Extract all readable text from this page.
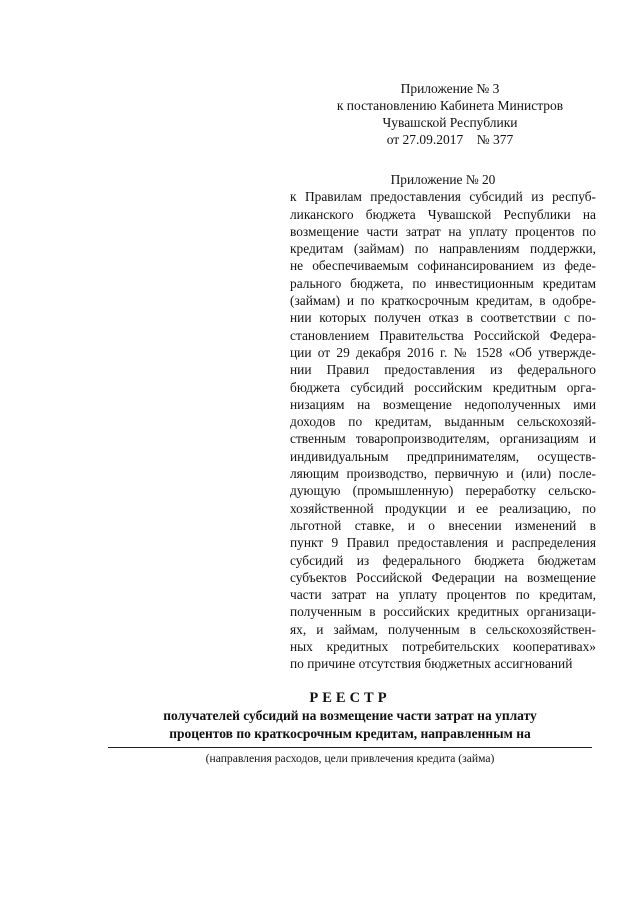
Приложение № 3
к постановлению Кабинета Министров
Чувашской Республики
от 27.09.2017    № 377
Приложение № 20
к Правилам предоставления субсидий из респуб-
ликанского бюджета Чувашской Республики на
возмещение части затрат на уплату процентов по
кредитам (займам) по направлениям поддержки,
не обеспечиваемым софинансированием из феде-
рального бюджета, по инвестиционным кредитам
(займам) и по краткосрочным кредитам, в одобре-
нии которых получен отказ в соответствии с по-
становлением Правительства Российской Федера-
ции от 29 декабря 2016 г. № 1528 «Об утвержде-
нии Правил предоставления из федерального
бюджета субсидий российским кредитным орга-
низациям на возмещение недополученных ими
доходов по кредитам, выданным сельскохозяй-
ственным товаропроизводителям, организациям и
индивидуальным предпринимателям, осуществ-
ляющим производство, первичную и (или) после-
дующую (промышленную) переработку сельско-
хозяйственной продукции и ее реализацию, по
льготной ставке, и о внесении изменений в
пункт 9 Правил предоставления и распределения
субсидий из федерального бюджета бюджетам
субъектов Российской Федерации на возмещение
части затрат на уплату процентов по кредитам,
полученным в российских кредитных организаци-
ях, и займам, полученным в сельскохозяйствен-
ных кредитных потребительских кооперативах»
по причине отсутствия бюджетных ассигнований
РЕЕСТР
получателей субсидий на возмещение части затрат на уплату
процентов по краткосрочным кредитам, направленным на
(направления расходов, цели привлечения кредита (займа)
